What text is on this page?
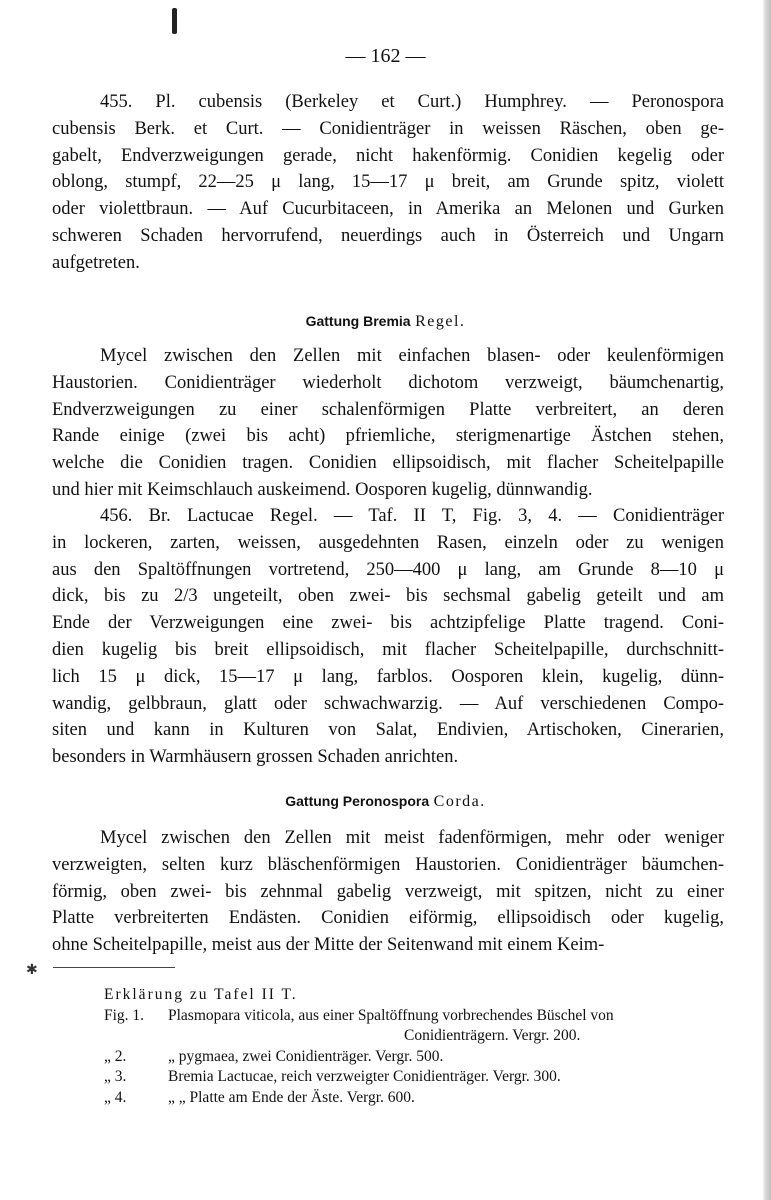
✱
— 162 —
455. Pl. cubensis (Berkeley et Curt.) Humphrey. — Peronospora
cubensis Berk. et Curt. — Conidienträger in weissen Räschen, oben ge-
gabelt, Endverzweigungen gerade, nicht hakenförmig. Conidien kegelig oder
oblong, stumpf, 22—25 μ lang, 15—17 μ breit, am Grunde spitz, violett
oder violettbraun. — Auf Cucurbitaceen, in Amerika an Melonen und Gurken
schweren Schaden hervorrufend, neuerdings auch in Österreich und Ungarn
aufgetreten.
Gattung Bremia Regel.
Mycel zwischen den Zellen mit einfachen blasen- oder keulenförmigen
Haustorien. Conidienträger wiederholt dichotom verzweigt, bäumchenartig,
Endverzweigungen zu einer schalenförmigen Platte verbreitert, an deren
Rande einige (zwei bis acht) pfriemliche, sterigmenartige Ästchen stehen,
welche die Conidien tragen. Conidien ellipsoidisch, mit flacher Scheitelpapille
und hier mit Keimschlauch auskeimend. Oosporen kugelig, dünnwandig.
456. Br. Lactucae Regel. — Taf. II T, Fig. 3, 4. — Conidienträger
in lockeren, zarten, weissen, ausgedehnten Rasen, einzeln oder zu wenigen
aus den Spaltöffnungen vortretend, 250—400 μ lang, am Grunde 8—10 μ
dick, bis zu 2/3 ungeteilt, oben zwei- bis sechsmal gabelig geteilt und am
Ende der Verzweigungen eine zwei- bis achtzipfelige Platte tragend. Coni-
dien kugelig bis breit ellipsoidisch, mit flacher Scheitelpapille, durchschnitt-
lich 15 μ dick, 15—17 μ lang, farblos. Oosporen klein, kugelig, dünn-
wandig, gelbbraun, glatt oder schwachwarzig. — Auf verschiedenen Compo-
siten und kann in Kulturen von Salat, Endivien, Artischoken, Cinerarien,
besonders in Warmhäusern grossen Schaden anrichten.
Gattung Peronospora Corda.
Mycel zwischen den Zellen mit meist fadenförmigen, mehr oder weniger
verzweigten, selten kurz bläschenförmigen Haustorien. Conidienträger bäumchen-
förmig, oben zwei- bis zehnmal gabelig verzweigt, mit spitzen, nicht zu einer
Platte verbreiterten Endästen. Conidien eiförmig, ellipsoidisch oder kugelig,
ohne Scheitelpapille, meist aus der Mitte der Seitenwand mit einem Keim-
Erklärung zu Tafel II T.
Fig. 1.	Plasmopara viticola, aus einer Spaltöffnung vorbrechendes Büschel von
Conidienträgern. Vergr. 200.
„ 2.	„ pygmaea, zwei Conidienträger. Vergr. 500.
„ 3.	Bremia Lactucae, reich verzweigter Conidienträger. Vergr. 300.
„ 4.	„ „ Platte am Ende der Äste. Vergr. 600.
